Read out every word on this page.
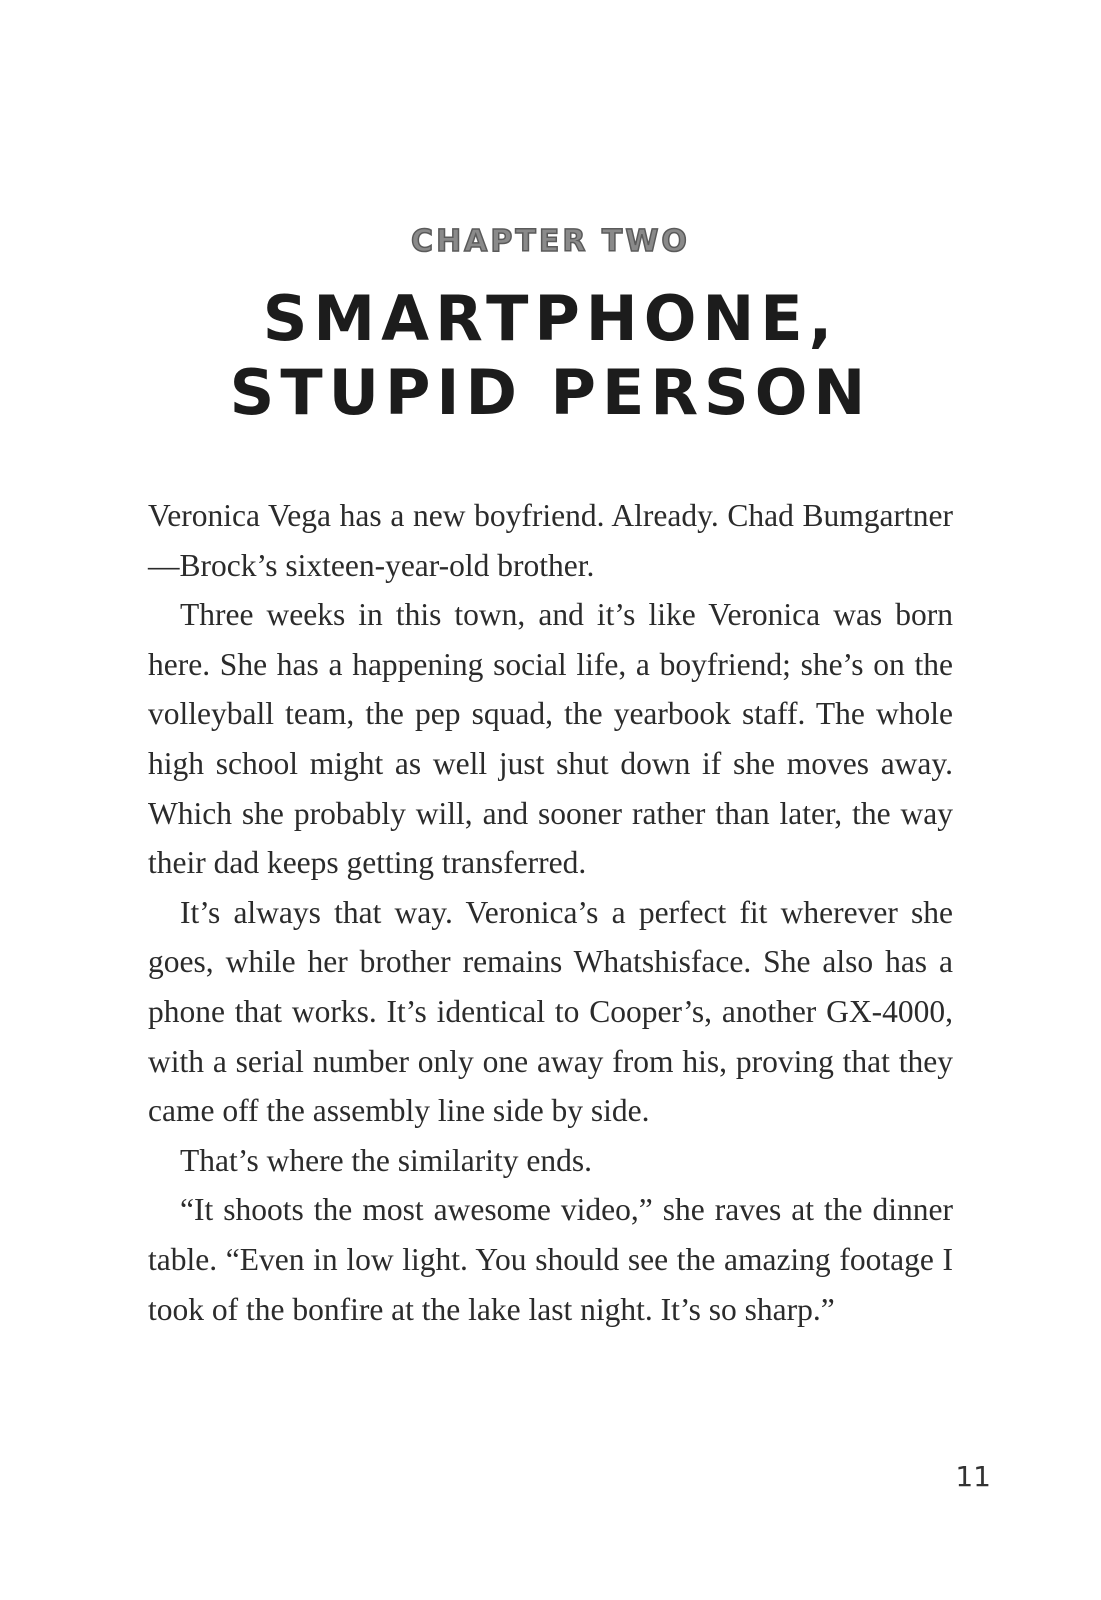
CHAPTER TWO
SMARTPHONE,
STUPID PERSON

Veronica Vega has a new boyfriend. Already. Chad Bumgartner—Brock’s sixteen-year-old brother.

Three weeks in this town, and it’s like Veronica was born here. She has a happening social life, a boyfriend; she’s on the volleyball team, the pep squad, the yearbook staff. The whole high school might as well just shut down if she moves away. Which she probably will, and sooner rather than later, the way their dad keeps getting transferred.

It’s always that way. Veronica’s a perfect fit wherever she goes, while her brother remains Whatshisface. She also has a phone that works. It’s identical to Cooper’s, another GX-4000, with a serial number only one away from his, proving that they came off the assembly line side by side.

That’s where the similarity ends.

“It shoots the most awesome video,” she raves at the dinner table. “Even in low light. You should see the amazing footage I took of the bonfire at the lake last night. It’s so sharp.”

11
